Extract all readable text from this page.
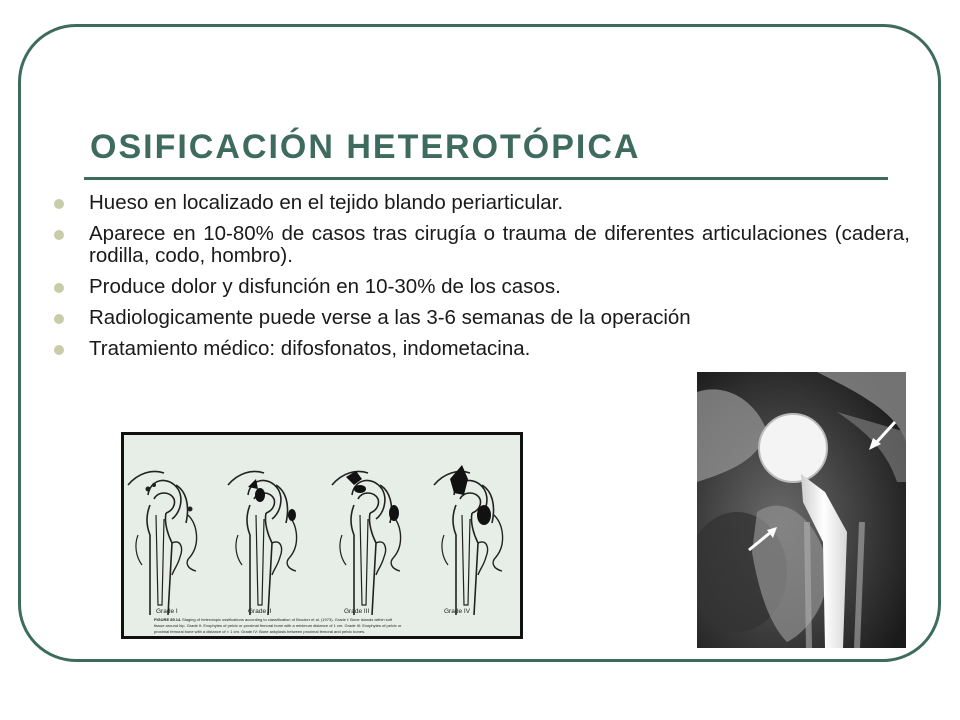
OSIFICACIÓN HETEROTÓPICA
Hueso en localizado en el tejido blando periarticular.
Aparece en 10-80% de casos tras cirugía o trauma de diferentes articulaciones (cadera, rodilla, codo, hombro).
Produce dolor y disfunción en 10-30% de los casos.
Radiologicamente puede verse a las 3-6 semanas de la operación
Tratamiento médico: difosfonatos, indometacina.
Grade I	Grade II	Grade III	Grade IV
FIGURE 89.14. Staging of heterotopic ossifications according to classification of Brooker et al. (1973). Grade I: Bone islands within soft
tissue around hip. Grade II: Exophytes of pelvic or proximal femoral bone with a minimum distance of 1 cm. Grade III: Exophytes of pelvic or
proximal femoral bone with a distance of < 1 cm. Grade IV: Bone ankylosis between proximal femoral and pelvic bones.
